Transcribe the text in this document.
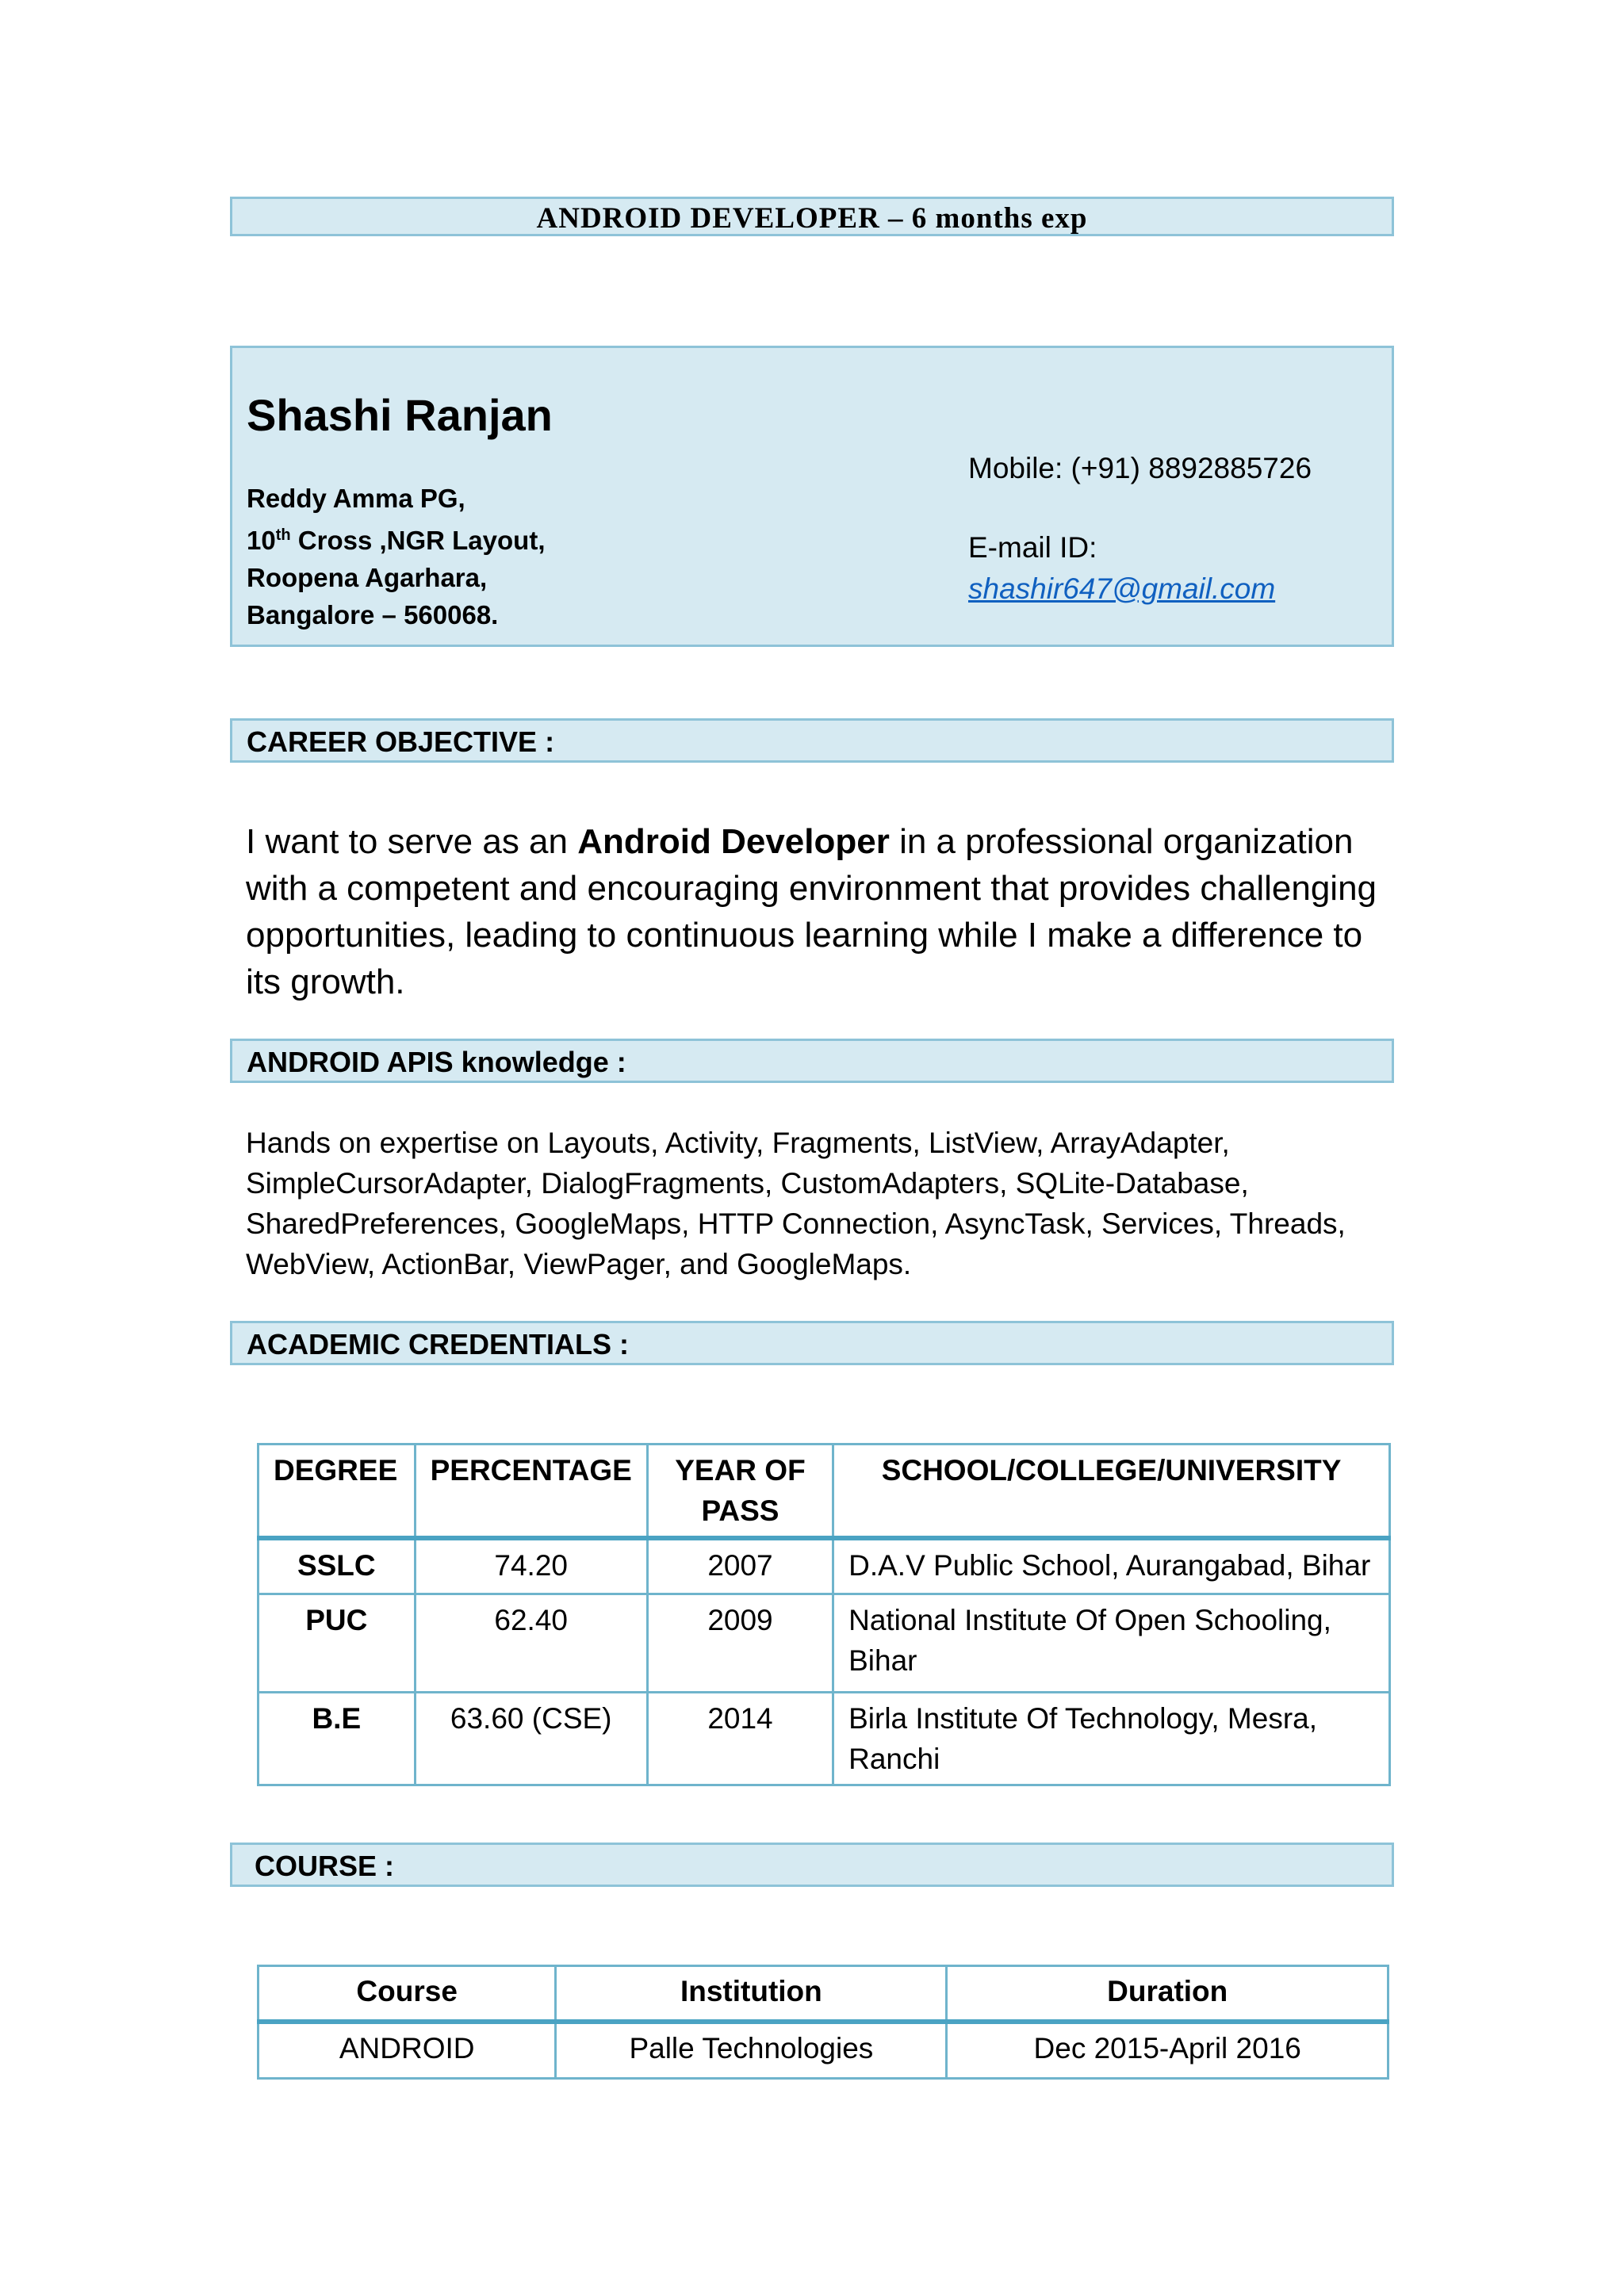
ANDROID DEVELOPER – 6 months exp
Shashi Ranjan
Reddy Amma PG,
10th Cross ,NGR Layout,
Roopena Agarhara,
Bangalore – 560068.
Mobile: (+91) 8892885726
E-mail ID:
shashir647@gmail.com
CAREER OBJECTIVE :
I want to serve as an Android Developer in a professional organization with a competent and encouraging environment that provides challenging opportunities, leading to continuous learning while I make a difference to its growth.
ANDROID APIS knowledge :
Hands on expertise on Layouts, Activity, Fragments, ListView, ArrayAdapter, SimpleCursorAdapter, DialogFragments, CustomAdapters, SQLite-Database, SharedPreferences, GoogleMaps, HTTP Connection, AsyncTask, Services, Threads, WebView, ActionBar, ViewPager, and GoogleMaps.
ACADEMIC CREDENTIALS :
DEGREE	PERCENTAGE	YEAR OF PASS	SCHOOL/COLLEGE/UNIVERSITY
SSLC	74.20	2007	D.A.V Public School, Aurangabad, Bihar
PUC	62.40	2009	National Institute Of Open Schooling, Bihar
B.E	63.60 (CSE)	2014	Birla Institute Of Technology, Mesra, Ranchi
COURSE :
Course	Institution	Duration
ANDROID	Palle Technologies	Dec 2015-April 2016
